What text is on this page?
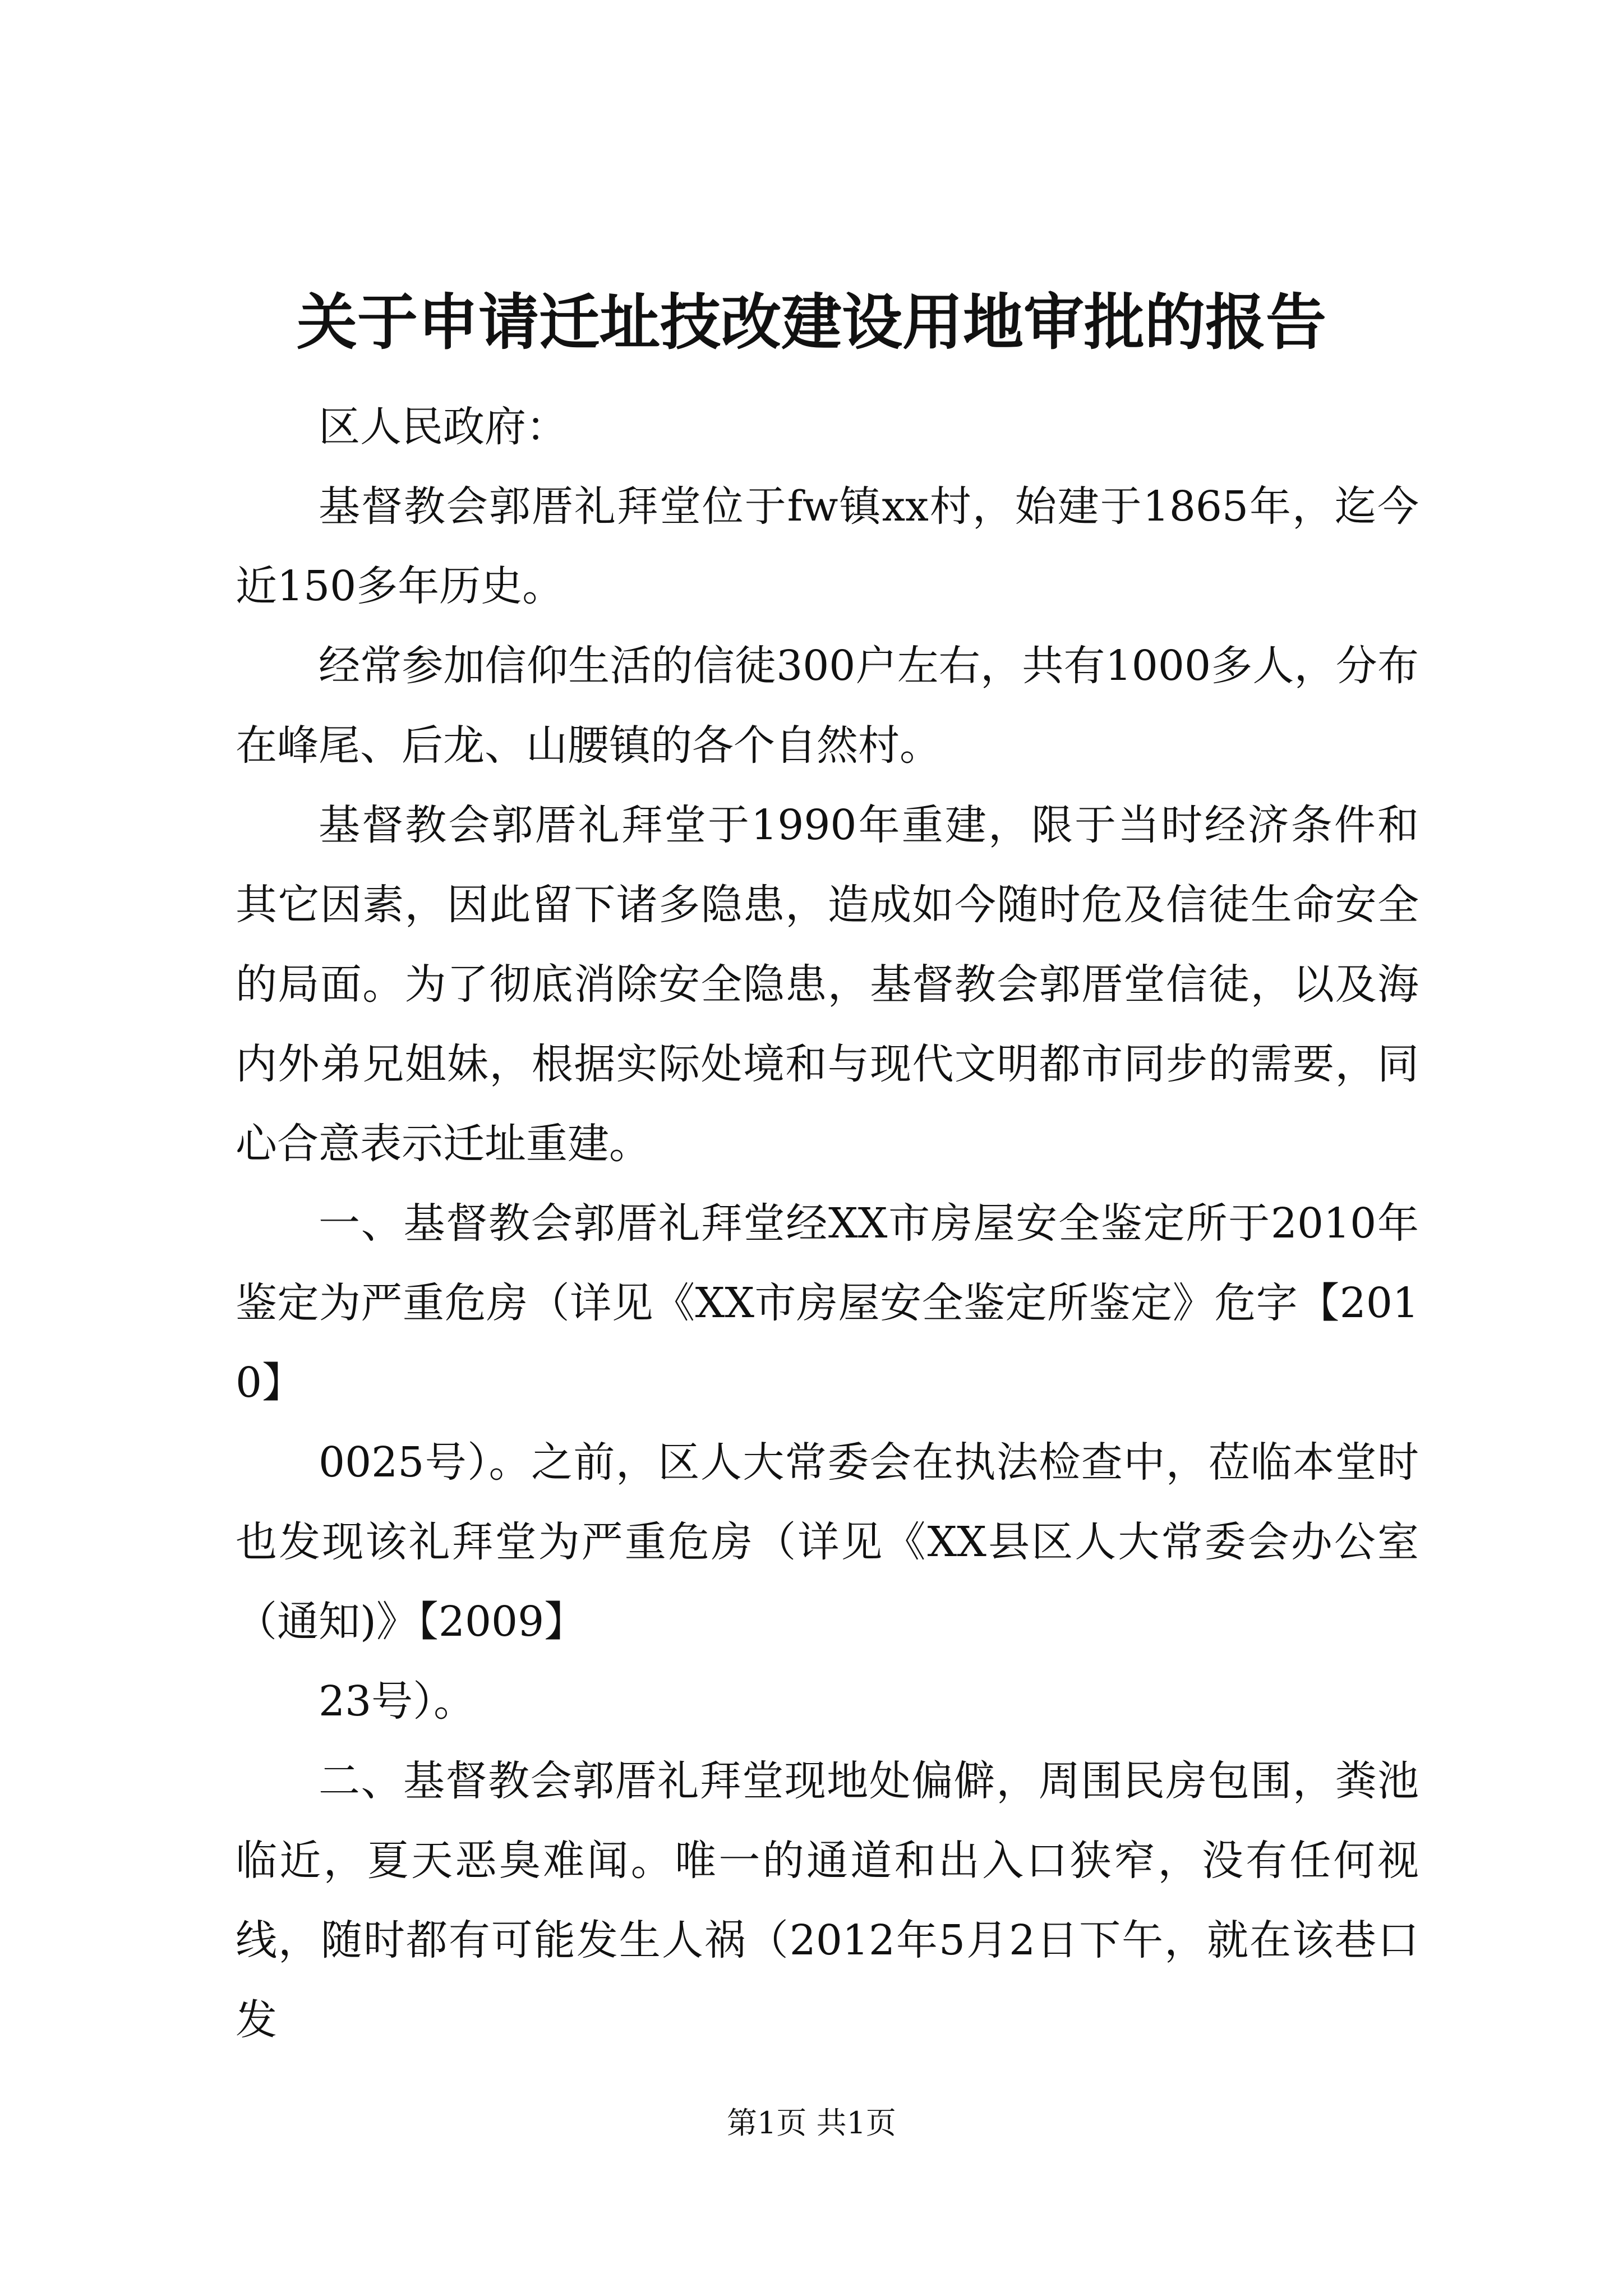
关于申请迁址技改建设用地审批的报告

区人民政府：

基督教会郭厝礼拜堂位于fw镇xx村，始建于1865年，迄今近150多年历史。

经常参加信仰生活的信徒300户左右，共有1000多人，分布在峰尾、后龙、山腰镇的各个自然村。

基督教会郭厝礼拜堂于1990年重建，限于当时经济条件和其它因素，因此留下诸多隐患，造成如今随时危及信徒生命安全的局面。为了彻底消除安全隐患，基督教会郭厝堂信徒，以及海内外弟兄姐妹，根据实际处境和与现代文明都市同步的需要，同心合意表示迁址重建。

一、基督教会郭厝礼拜堂经XX市房屋安全鉴定所于2010年鉴定为严重危房（详见《XX市房屋安全鉴定所鉴定》危字【2010】

0025号）。之前，区人大常委会在执法检查中，莅临本堂时也发现该礼拜堂为严重危房（详见《XX县区人大常委会办公室（通知)》【2009】

23号）。

二、基督教会郭厝礼拜堂现地处偏僻，周围民房包围，粪池临近，夏天恶臭难闻。唯一的通道和出入口狭窄，没有任何视线，随时都有可能发生人祸（2012年5月2日下午，就在该巷口发

第1页 共1页
